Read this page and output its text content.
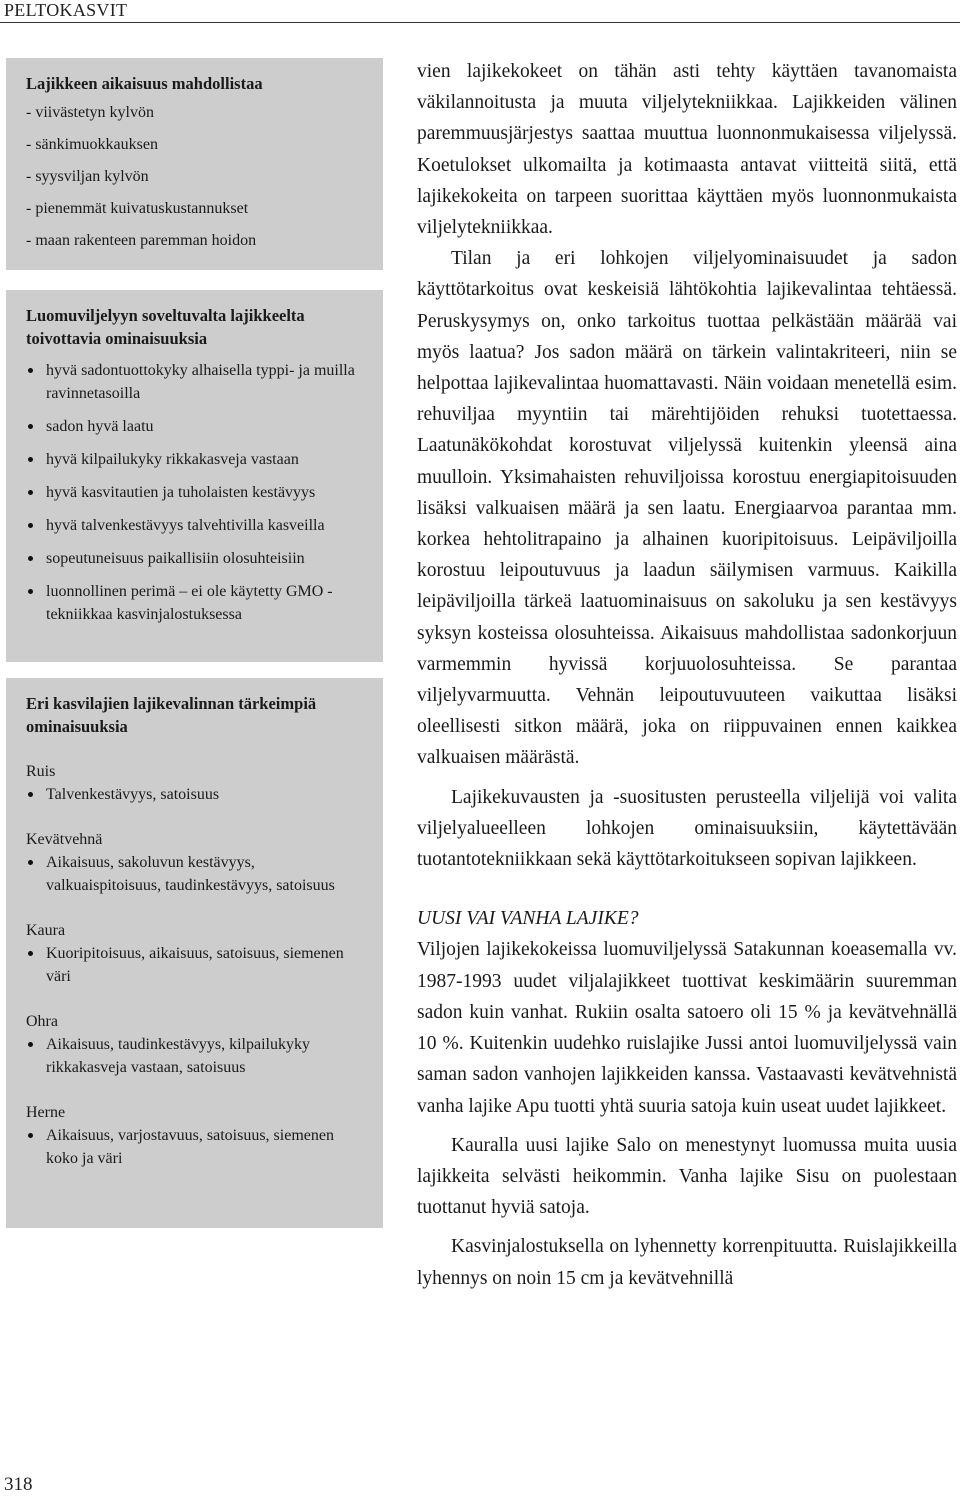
PELTOKASVIT
Lajikkeen aikaisuus mahdollistaa
- viivästetyn kylvön
- sänkimuokkauksen
- syysviljan kylvön
- pienemmät kuivatuskustannukset
- maan rakenteen paremman hoidon
Luomuviljelyyn soveltuvalta lajikkeelta toivottavia ominaisuuksia
hyvä sadontuottokyky alhaisella typpi- ja muilla ravinnetasoilla
sadon hyvä laatu
hyvä kilpailukyky rikkakasveja vastaan
hyvä kasvitautien ja tuholaisten kestävyys
hyvä talvenkestävyys talvehtivilla kasveilla
sopeutuneisuus paikallisiin olosuhteisiin
luonnollinen perimä – ei ole käytetty GMO -tekniikkaa kasvinjalostuksessa
Eri kasvilajien lajikevalinnan tärkeimpiä ominaisuuksia
Ruis
Talvenkestävyys, satoisuus
Kevätvehnä
Aikaisuus, sakoluvun kestävyys, valkuaispitoisuus, taudinkestävyys, satoisuus
Kaura
Kuoripitoisuus, aikaisuus, satoisuus, siemenen väri
Ohra
Aikaisuus, taudinkestävyys, kilpailukyky rikkakasveja vastaan, satoisuus
Herne
Aikaisuus, varjostavuus, satoisuus, siemenen koko ja väri

vien lajikekokeet on tähän asti tehty käyttäen tavanomaista väkilannoitusta ja muuta viljelytekniikkaa. Lajikkeiden välinen paremmuusjärjestys saattaa muuttua luonnonmukaisessa viljelyssä. Koetulokset ulkomailta ja kotimaasta antavat viitteitä siitä, että lajikekokeita on tarpeen suorittaa käyttäen myös luonnonmukaista viljelytekniikkaa.

Tilan ja eri lohkojen viljelyominaisuudet ja sadon käyttötarkoitus ovat keskeisiä lähtökohtia lajikevalintaa tehtäessä. Peruskysymys on, onko tarkoitus tuottaa pelkästään määrää vai myös laatua? Jos sadon määrä on tärkein valintakriteeri, niin se helpottaa lajikevalintaa huomattavasti. Näin voidaan menetellä esim. rehuviljaa myyntiin tai märehtijöiden rehuksi tuotettaessa. Laatunäkökohdat korostuvat viljelyssä kuitenkin yleensä aina muulloin. Yksimahaisten rehuviljoissa korostuu energiapitoisuuden lisäksi valkuaisen määrä ja sen laatu. Energiaarvoa parantaa mm. korkea hehtolitrapaino ja alhainen kuoripitoisuus. Leipäviljoilla korostuu leipoutuvuus ja laadun säilymisen varmuus. Kaikilla leipäviljoilla tärkeä laatuominaisuus on sakoluku ja sen kestävyys syksyn kosteissa olosuhteissa. Aikaisuus mahdollistaa sadonkorjuun varmemmin hyvissä korjuuolosuhteissa. Se parantaa viljelyvarmuutta. Vehnän leipoutuvuuteen vaikuttaa lisäksi oleellisesti sitkon määrä, joka on riippuvainen ennen kaikkea valkuaisen määrästä.

Lajikekuvausten ja -suositusten perusteella viljelijä voi valita viljelyalueelleen lohkojen ominaisuuksiin, käytettävään tuotantotekniikkaan sekä käyttötarkoitukseen sopivan lajikkeen.

UUSI VAI VANHA LAJIKE?

Viljojen lajikekokeissa luomuviljelyssä Satakunnan koeasemalla vv. 1987-1993 uudet viljalajikkeet tuottivat keskimäärin suuremman sadon kuin vanhat. Rukiin osalta satoero oli 15 % ja kevätvehnällä 10 %. Kuitenkin uudehko ruislajike Jussi antoi luomuviljelyssä vain saman sadon vanhojen lajikkeiden kanssa. Vastaavasti kevätvehnistä vanha lajike Apu tuotti yhtä suuria satoja kuin useat uudet lajikkeet.

Kauralla uusi lajike Salo on menestynyt luomussa muita uusia lajikkeita selvästi heikommin. Vanha lajike Sisu on puolestaan tuottanut hyviä satoja.

Kasvinjalostuksella on lyhennetty korrenpituutta. Ruislajikkeilla lyhennys on noin 15 cm ja kevätvehnillä

318
